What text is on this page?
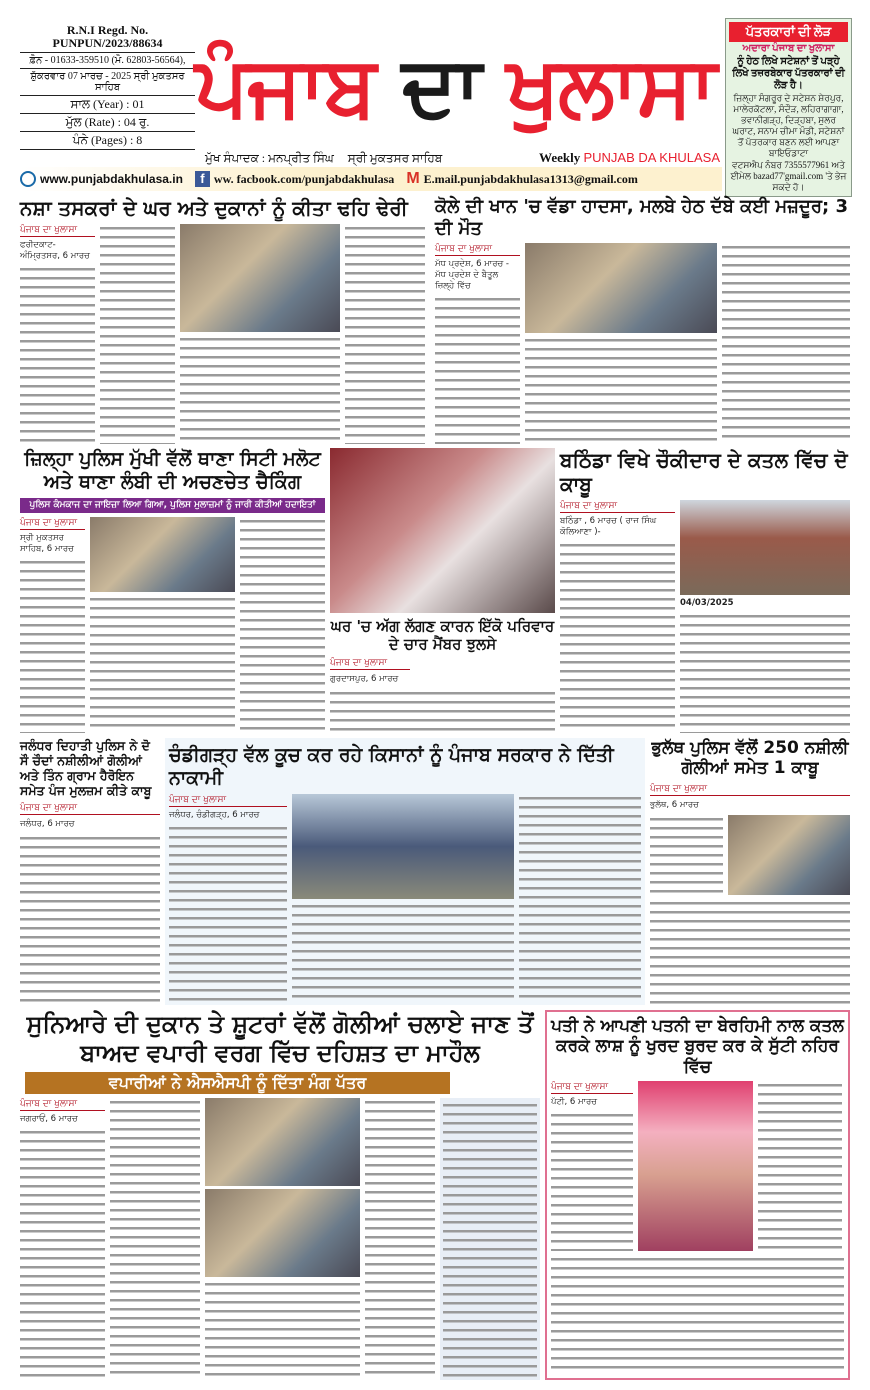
R.N.I Regd. No. PUNPUN/2023/88634
ਫ਼ੋਨ - 01633-359510 (ਮੋ. 62803-56564),
ਸ਼ੁੱਕਰਵਾਰ 07 ਮਾਰਚ - 2025 ਸ੍ਰੀ ਮੁਕਤਸਰ ਸਾਹਿਬ
ਸਾਲ (Year) : 01
ਮੁੱਲ (Rate) : 04 ਰੁ.
ਪੰਨੇ (Pages) : 8
ਪੰਜਾਬ ਦਾ ਖੁਲਾਸਾ
ਮੁੱਖ ਸੰਪਾਦਕ : ਮਨਪ੍ਰੀਤ ਸਿੰਘ ਸ੍ਰੀ ਮੁਕਤਸਰ ਸਾਹਿਬ	Weekly PUNJAB DA KHULASA
www.punjabdakhulasa.in	f ww. facbook.com/punjabdakhulasa M E.mail.punjabdakhulasa1313@gmail.com
ਪੱਤਰਕਾਰਾਂ ਦੀ ਲੋੜ
ਅਦਾਰਾ ਪੰਜਾਬ ਦਾ ਖੁਲਾਸਾ
ਨੂੰ ਹੇਠ ਲਿਖੇ ਸਟੇਸ਼ਨਾਂ ਤੋਂ ਪੜ੍ਹੇ ਲਿਖੇ ਤਜ਼ਰਬੇਕਾਰ ਪੱਤਰਕਾਰਾਂ ਦੀ ਲੋੜ ਹੈ।
ਜ਼ਿਲ੍ਹਾ ਸੰਗਰੂਰ ਦੇ ਸਟੇਸ਼ਨ ਸ਼ੇਰਪੁਰ, ਮਾਲੇਰਕੋਟਲਾ, ਸੰਦੌੜ, ਲਹਿਰਾਗਾਗਾ, ਭਵਾਨੀਗੜ੍ਹ, ਦਿੜ੍ਹਬਾ, ਸੁਲਰ ਘਰਾਟ, ਸਨਾਮ ਚੀਮਾ ਮੰਡੀ, ਸਟੇਸ਼ਨਾਂ ਤੋਂ ਪੱਤਰਕਾਰ ਬਣਨ ਲਈ ਆਪਣਾ ਬਾਇਓਡਾਟਾ
ਵਟਸਐਪ ਨੰਬਰ 7355577961 ਅਤੇ ਈਮੇਲ bazad77'gmail.com 'ਤੇ ਭੇਜ ਸਕਦੇ ਹੋ।
ਨਸ਼ਾ ਤਸਕਰਾਂ ਦੇ ਘਰ ਅਤੇ ਦੁਕਾਨਾਂ ਨੂੰ ਕੀਤਾ ਢਹਿ ਢੇਰੀ
ਪੰਜਾਬ ਦਾ ਖੁਲਾਸਾ
ਫਰੀਦਕਾਟ-ਅੰਮ੍ਰਿਤਸਰ, 6 ਮਾਰਚ
ਕੋਲੇ ਦੀ ਖਾਨ 'ਚ ਵੱਡਾ ਹਾਦਸਾ, ਮਲਬੇ ਹੇਠ ਦੱਬੇ ਕਈ ਮਜ਼ਦੂਰ; 3 ਦੀ ਮੌਤ
ਪੰਜਾਬ ਦਾ ਖੁਲਾਸਾ
ਮੱਧ ਪ੍ਰਦੇਸ਼, 6 ਮਾਰਚ - ਮੱਧ ਪ੍ਰਦੇਸ਼ ਦੇ ਬੈਤੂਲ ਜ਼ਿਲ੍ਹੇ ਵਿੱਚ
ਜ਼ਿਲ੍ਹਾ ਪੁਲਿਸ ਮੁੱਖੀ ਵੱਲੋਂ ਥਾਣਾ ਸਿਟੀ ਮਲੋਟ ਅਤੇ ਥਾਣਾ ਲੰਬੀ ਦੀ ਅਚਣਚੇਤ ਚੈਕਿੰਗ
ਪੁਲਿਸ ਕੰਮਕਾਜ ਦਾ ਜਾਇਜ਼ਾ ਲਿਆ ਗਿਆ, ਪੁਲਿਸ ਮੁਲਾਜ਼ਮਾਂ ਨੂੰ ਜਾਰੀ ਕੀਤੀਆਂ ਹਦਾਇਤਾਂ
ਪੰਜਾਬ ਦਾ ਖੁਲਾਸਾ
ਸ੍ਰੀ ਮੁਕਤਸਰ ਸਾਹਿਬ, 6 ਮਾਰਚ
ਘਰ 'ਚ ਅੱਗ ਲੱਗਣ ਕਾਰਨ ਇੱਕੋ ਪਰਿਵਾਰ ਦੇ ਚਾਰ ਮੈਂਬਰ ਝੁਲਸੇ
ਪੰਜਾਬ ਦਾ ਖੁਲਾਸਾ
ਗੁਰਦਾਸਪੁਰ, 6 ਮਾਰਚ
ਬਠਿੰਡਾ ਵਿਖੇ ਚੌਕੀਦਾਰ ਦੇ ਕਤਲ ਵਿੱਚ ਦੋ ਕਾਬੂ
ਪੰਜਾਬ ਦਾ ਖੁਲਾਸਾ
ਬਠਿੰਡਾ , 6 ਮਾਰਚ ( ਰਾਜ ਸਿੰਘ ਕੋਲਿਆਣਾ )-
04/03/2025
ਜਲੰਧਰ ਦਿਹਾਤੀ ਪੁਲਿਸ ਨੇ ਦੋ ਸੌ ਚੌਦਾਂ ਨਸ਼ੀਲੀਆਂ ਗੋਲੀਆਂ ਅਤੇ ਤਿੰਨ ਗ੍ਰਾਮ ਹੈਰੋਇਨ ਸਮੇਤ ਪੰਜ ਮੁਲਜ਼ਮ ਕੀਤੇ ਕਾਬੂ
ਪੰਜਾਬ ਦਾ ਖੁਲਾਸਾ
ਜਲੰਧਰ, 6 ਮਾਰਚ
ਚੰਡੀਗੜ੍ਹ ਵੱਲ ਕੂਚ ਕਰ ਰਹੇ ਕਿਸਾਨਾਂ ਨੂੰ ਪੰਜਾਬ ਸਰਕਾਰ ਨੇ ਦਿੱਤੀ ਨਾਕਾਮੀ
ਪੰਜਾਬ ਦਾ ਖੁਲਾਸਾ
ਜਲੰਧਰ, ਚੰਡੀਗੜ੍ਹ, 6 ਮਾਰਚ
ਭੁਲੱਥ ਪੁਲਿਸ ਵੱਲੋਂ 250 ਨਸ਼ੀਲੀ ਗੋਲੀਆਂ ਸਮੇਤ 1 ਕਾਬੂ
ਪੰਜਾਬ ਦਾ ਖੁਲਾਸਾ
ਭੁਲੱਥ, 6 ਮਾਰਚ
ਸੁਨਿਆਰੇ ਦੀ ਦੁਕਾਨ ਤੇ ਸ਼ੂਟਰਾਂ ਵੱਲੋਂ ਗੋਲੀਆਂ ਚਲਾਏ ਜਾਣ ਤੋਂ ਬਾਅਦ ਵਪਾਰੀ ਵਰਗ ਵਿੱਚ ਦਹਿਸ਼ਤ ਦਾ ਮਾਹੌਲ
ਵਪਾਰੀਆਂ ਨੇ ਐਸਐਸਪੀ ਨੂੰ ਦਿੱਤਾ ਮੰਗ ਪੱਤਰ
ਪੰਜਾਬ ਦਾ ਖੁਲਾਸਾ
ਜਗਰਾਓਂ, 6 ਮਾਰਚ
ਪਤੀ ਨੇ ਆਪਣੀ ਪਤਨੀ ਦਾ ਬੇਰਹਿਮੀ ਨਾਲ ਕਤਲ ਕਰਕੇ ਲਾਸ਼ ਨੂੰ ਖੁਰਦ ਬੁਰਦ ਕਰ ਕੇ ਸੁੱਟੀ ਨਹਿਰ ਵਿੱਚ
ਪੰਜਾਬ ਦਾ ਖੁਲਾਸਾ
ਪੱਟੀ, 6 ਮਾਰਚ
